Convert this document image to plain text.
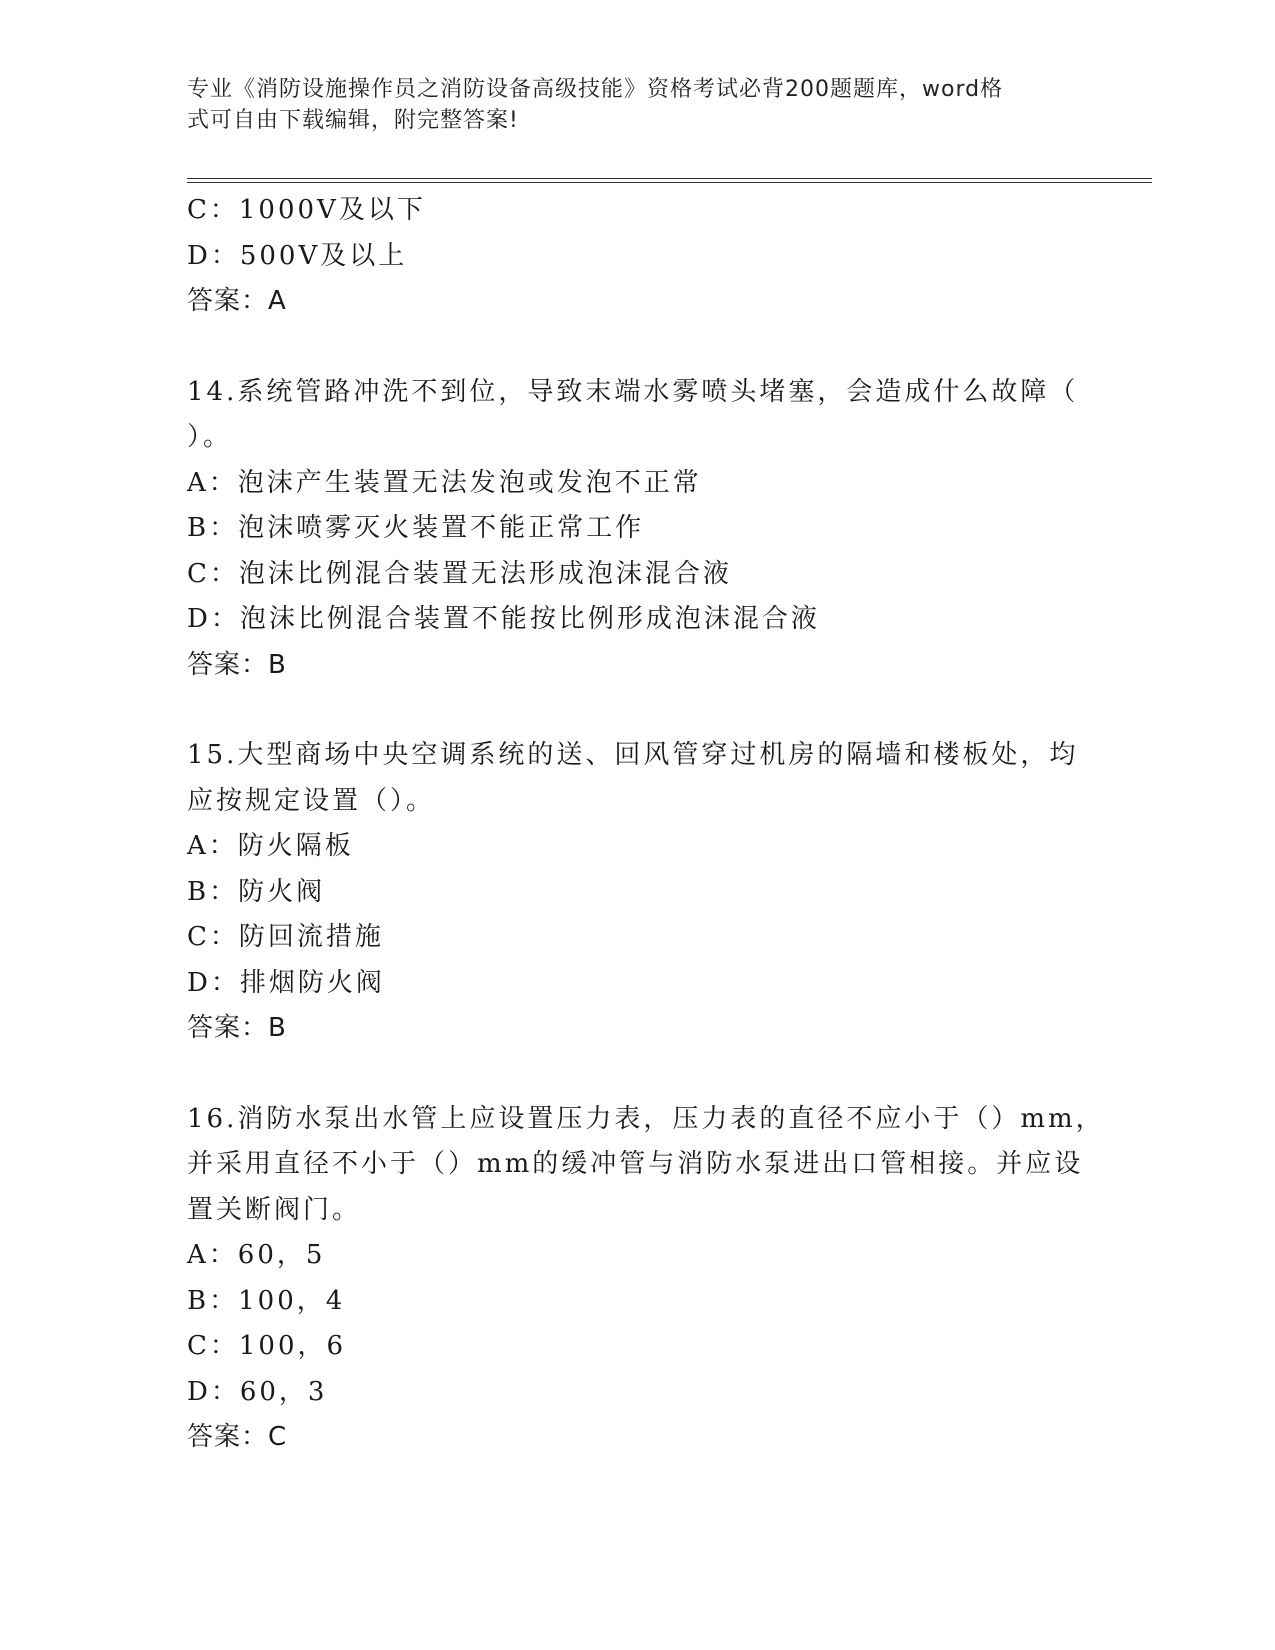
专业《消防设施操作员之消防设备高级技能》资格考试必背200题题库，word格
式可自由下载编辑，附完整答案!
C：1000V及以下
D：500V及以上
答案：A
14.系统管路冲洗不到位，导致末端水雾喷头堵塞，会造成什么故障（
）。
A：泡沫产生装置无法发泡或发泡不正常
B：泡沫喷雾灭火装置不能正常工作
C：泡沫比例混合装置无法形成泡沫混合液
D：泡沫比例混合装置不能按比例形成泡沫混合液
答案：B
15.大型商场中央空调系统的送、回风管穿过机房的隔墙和楼板处，均
应按规定设置（）。
A：防火隔板
B：防火阀
C：防回流措施
D：排烟防火阀
答案：B
16.消防水泵出水管上应设置压力表，压力表的直径不应小于（）mm，
并采用直径不小于（）mm的缓冲管与消防水泵进出口管相接。并应设
置关断阀门。
A：60，5
B：100，4
C：100，6
D：60，3
答案：C
